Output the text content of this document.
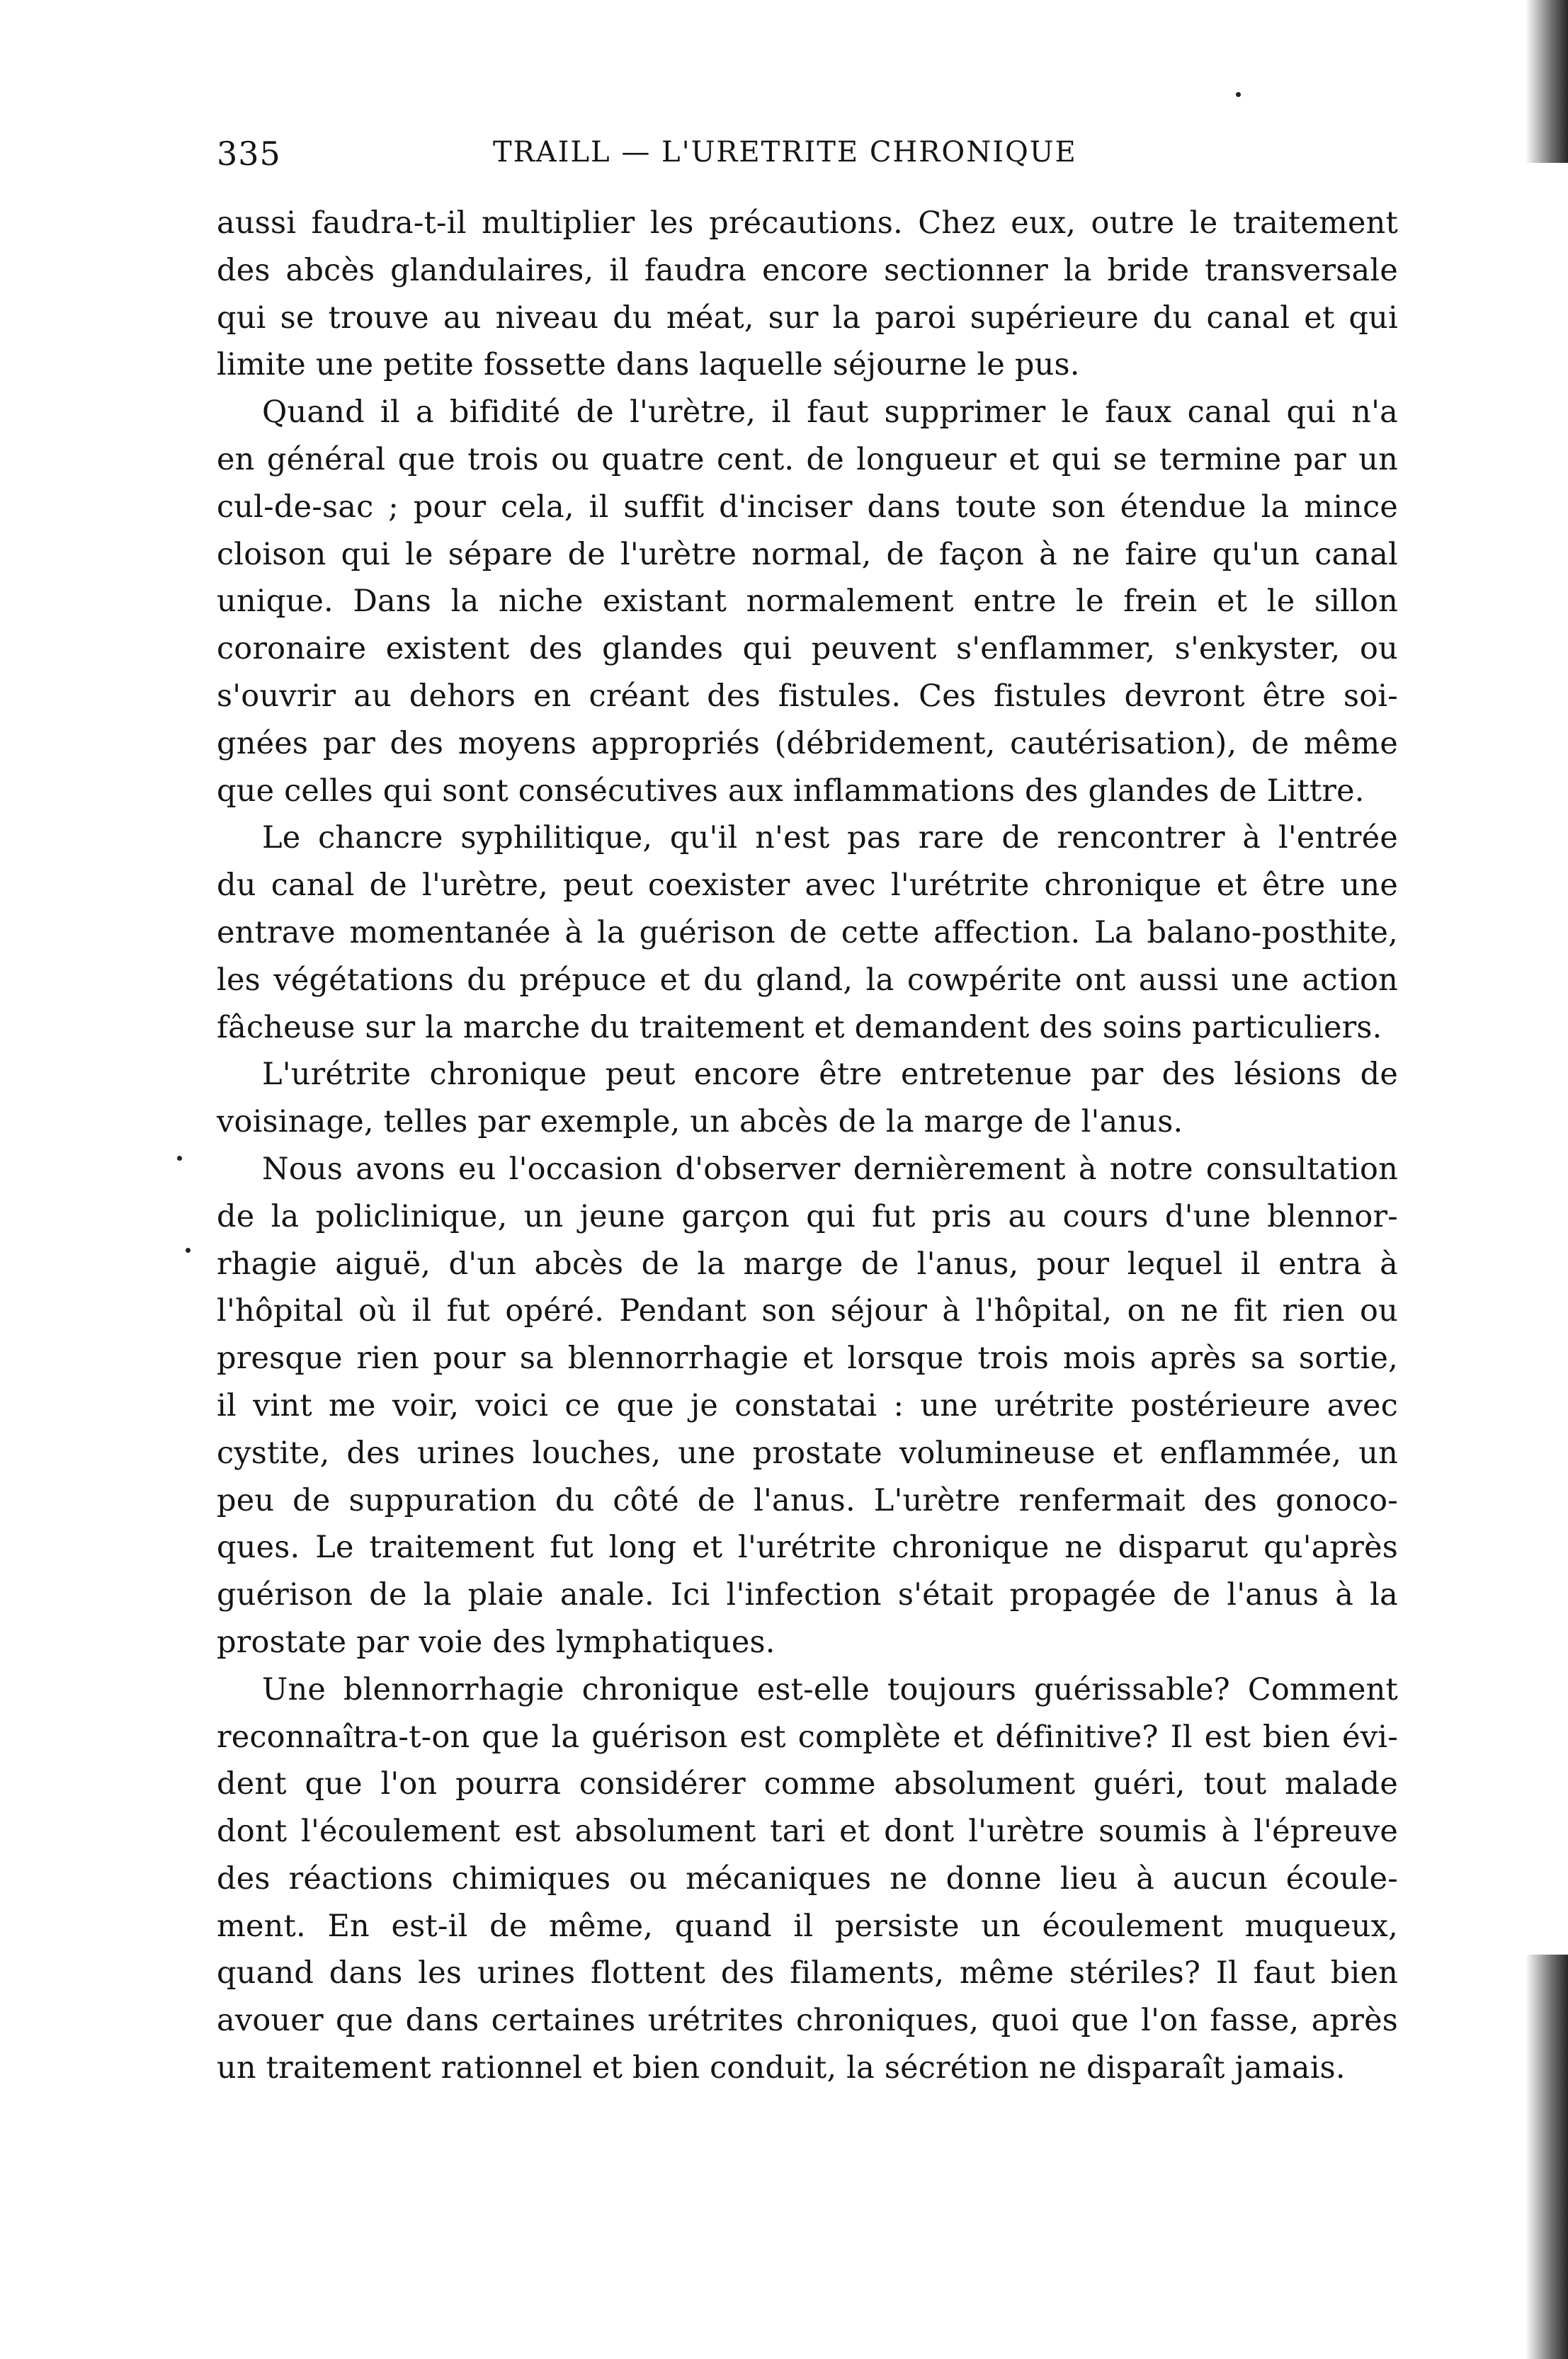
335	TRAILL — L'URETRITE CHRONIQUE
aussi faudra-t-il multiplier les précautions. Chez eux, outre le traitement
des abcès glandulaires, il faudra encore sectionner la bride transversale
qui se trouve au niveau du méat, sur la paroi supérieure du canal et qui
limite une petite fossette dans laquelle séjourne le pus.
Quand il a bifidité de l'urètre, il faut supprimer le faux canal qui n'a
en général que trois ou quatre cent. de longueur et qui se termine par un
cul-de-sac ; pour cela, il suffit d'inciser dans toute son étendue la mince
cloison qui le sépare de l'urètre normal, de façon à ne faire qu'un canal
unique. Dans la niche existant normalement entre le frein et le sillon
coronaire existent des glandes qui peuvent s'enflammer, s'enkyster, ou
s'ouvrir au dehors en créant des fistules. Ces fistules devront être soi-
gnées par des moyens appropriés (débridement, cautérisation), de même
que celles qui sont consécutives aux inflammations des glandes de Littre.
Le chancre syphilitique, qu'il n'est pas rare de rencontrer à l'entrée
du canal de l'urètre, peut coexister avec l'urétrite chronique et être une
entrave momentanée à la guérison de cette affection. La balano-posthite,
les végétations du prépuce et du gland, la cowpérite ont aussi une action
fâcheuse sur la marche du traitement et demandent des soins particuliers.
L'urétrite chronique peut encore être entretenue par des lésions de
voisinage, telles par exemple, un abcès de la marge de l'anus.
Nous avons eu l'occasion d'observer dernièrement à notre consultation
de la policlinique, un jeune garçon qui fut pris au cours d'une blennor-
rhagie aiguë, d'un abcès de la marge de l'anus, pour lequel il entra à
l'hôpital où il fut opéré. Pendant son séjour à l'hôpital, on ne fit rien ou
presque rien pour sa blennorrhagie et lorsque trois mois après sa sortie,
il vint me voir, voici ce que je constatai : une urétrite postérieure avec
cystite, des urines louches, une prostate volumineuse et enflammée, un
peu de suppuration du côté de l'anus. L'urètre renfermait des gonoco-
ques. Le traitement fut long et l'urétrite chronique ne disparut qu'après
guérison de la plaie anale. Ici l'infection s'était propagée de l'anus à la
prostate par voie des lymphatiques.
Une blennorrhagie chronique est-elle toujours guérissable? Comment
reconnaîtra-t-on que la guérison est complète et définitive? Il est bien évi-
dent que l'on pourra considérer comme absolument guéri, tout malade
dont l'écoulement est absolument tari et dont l'urètre soumis à l'épreuve
des réactions chimiques ou mécaniques ne donne lieu à aucun écoule-
ment. En est-il de même, quand il persiste un écoulement muqueux,
quand dans les urines flottent des filaments, même stériles? Il faut bien
avouer que dans certaines urétrites chroniques, quoi que l'on fasse, après
un traitement rationnel et bien conduit, la sécrétion ne disparaît jamais.
